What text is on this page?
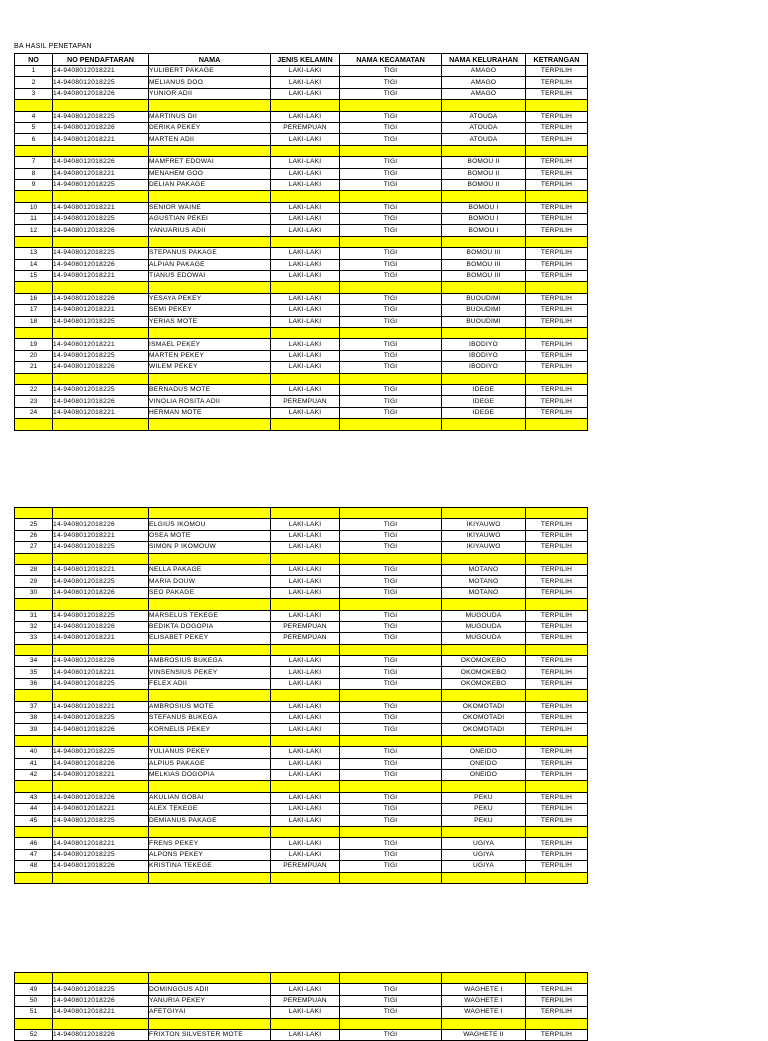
BA HASIL PENETAPAN
NO	NO PENDAFTARAN	NAMA	JENIS KELAMIN	NAMA KECAMATAN	NAMA KELURAHAN	KETRANGAN
1	14-9408012018221	YULIBERT PAKAGE	LAKI-LAKI	TIGI	AMAGO	TERPILIH
2	14-9408012018225	MELIANUS DOO	LAKI-LAKI	TIGI	AMAGO	TERPILIH
3	14-9408012018226	YUNIOR ADII	LAKI-LAKI	TIGI	AMAGO	TERPILIH

4	14-9408012018225	MARTINUS DII	LAKI-LAKI	TIGI	ATOUDA	TERPILIH
5	14-9408012018226	DERIKA PEKEY	PEREMPUAN	TIGI	ATOUDA	TERPILIH
6	14-9408012018221	MARTEN ADII	LAKI-LAKI	TIGI	ATOUDA	TERPILIH

7	14-9408012018226	MAMFRET EDOWAI	LAKI-LAKI	TIGI	BOMOU II	TERPILIH
8	14-9408012018221	MENAHEM GOO	LAKI-LAKI	TIGI	BOMOU II	TERPILIH
9	14-9408012018225	DELIAN PAKAGE	LAKI-LAKI	TIGI	BOMOU II	TERPILIH

10	14-9408012018221	SENIOR WAINE	LAKI-LAKI	TIGI	BOMOU I	TERPILIH
11	14-9408012018225	AGUSTIAN PEKEI	LAKI-LAKI	TIGI	BOMOU I	TERPILIH
12	14-9408012018226	YANUARIUS ADII	LAKI-LAKI	TIGI	BOMOU I	TERPILIH

13	14-9408012018225	STEPANUS PAKAGE	LAKI-LAKI	TIGI	BOMOU III	TERPILIH
14	14-9408012018226	ALPIAN PAKAGE	LAKI-LAKI	TIGI	BOMOU III	TERPILIH
15	14-9408012018221	TIANUS EDOWAI	LAKI-LAKI	TIGI	BOMOU III	TERPILIH

16	14-9408012018226	YESAYA PEKEY	LAKI-LAKI	TIGI	BUOUDIMI	TERPILIH
17	14-9408012018221	SEMI PEKEY	LAKI-LAKI	TIGI	BUOUDIMI	TERPILIH
18	14-9408012018225	YERIAS MOTE	LAKI-LAKI	TIGI	BUOUDIMI	TERPILIH

19	14-9408012018221	ISMAEL PEKEY	LAKI-LAKI	TIGI	IBODIYO	TERPILIH
20	14-9408012018225	MARTEN PEKEY	LAKI-LAKI	TIGI	IBODIYO	TERPILIH
21	14-9408012018226	WILEM PEKEY	LAKI-LAKI	TIGI	IBODIYO	TERPILIH

22	14-9408012018225	BERNADUS MOTE	LAKI-LAKI	TIGI	IDEGE	TERPILIH
23	14-9408012018226	VINOLIA ROSITA ADII	PEREMPUAN	TIGI	IDEGE	TERPILIH
24	14-9408012018221	HERMAN MOTE	LAKI-LAKI	TIGI	IDEGE	TERPILIH

25	14-9408012018226	ELGIUS IKOMOU	LAKI-LAKI	TIGI	IKIYAUWO	TERPILIH
26	14-9408012018221	OSEA MOTE	LAKI-LAKI	TIGI	IKIYAUWO	TERPILIH
27	14-9408012018225	SIMON P IKOMOUW	LAKI-LAKI	TIGI	IKIYAUWO	TERPILIH

28	14-9408012018221	NELLA PAKAGE	LAKI-LAKI	TIGI	MOTANO	TERPILIH
29	14-9408012018225	MARIA DOUW	LAKI-LAKI	TIGI	MOTANO	TERPILIH
30	14-9408012018226	SEO PAKAGE	LAKI-LAKI	TIGI	MOTANO	TERPILIH

31	14-9408012018225	MARSELUS TEKEGE	LAKI-LAKI	TIGI	MUGOUDA	TERPILIH
32	14-9408012018226	BEDIKTA DOGOPIA	PEREMPUAN	TIGI	MUGOUDA	TERPILIH
33	14-9408012018221	ELISABET PEKEY	PEREMPUAN	TIGI	MUGOUDA	TERPILIH

34	14-9408012018226	AMBROSIUS BUKEGA	LAKI-LAKI	TIGI	OKOMOKEBO	TERPILIH
35	14-9408012018221	VINSENSIUS PEKEY	LAKI-LAKI	TIGI	OKOMOKEBO	TERPILIH
36	14-9408012018225	FELEX ADII	LAKI-LAKI	TIGI	OKOMOKEBO	TERPILIH

37	14-9408012018221	AMBROSIUS MOTE	LAKI-LAKI	TIGI	OKOMOTADI	TERPILIH
38	14-9408012018225	STEFANUS BUKEGA	LAKI-LAKI	TIGI	OKOMOTADI	TERPILIH
39	14-9408012018226	KORNELIS PEKEY	LAKI-LAKI	TIGI	OKOMOTADI	TERPILIH

40	14-9408012018225	YULIANUS PEKEY	LAKI-LAKI	TIGI	ONEIDO	TERPILIH
41	14-9408012018226	ALPIUS PAKAGE	LAKI-LAKI	TIGI	ONEIDO	TERPILIH
42	14-9408012018221	MELKIAS DOGOPIA	LAKI-LAKI	TIGI	ONEIDO	TERPILIH

43	14-9408012018226	AKULIAN GOBAI	LAKI-LAKI	TIGI	PEKU	TERPILIH
44	14-9408012018221	ALEX TEKEGE	LAKI-LAKI	TIGI	PEKU	TERPILIH
45	14-9408012018225	DEMIANUS PAKAGE	LAKI-LAKI	TIGI	PEKU	TERPILIH

46	14-9408012018221	FRENS PEKEY	LAKI-LAKI	TIGI	UGIYA	TERPILIH
47	14-9408012018225	ALPONS PEKEY	LAKI-LAKI	TIGI	UGIYA	TERPILIH
48	14-9408012018226	KRISTINA TEKEGE	PEREMPUAN	TIGI	UGIYA	TERPILIH

49	14-9408012018225	DOMINGGUS ADII	LAKI-LAKI	TIGI	WAGHETE I	TERPILIH
50	14-9408012018226	YANURIA PEKEY	PEREMPUAN	TIGI	WAGHETE I	TERPILIH
51	14-9408012018221	AFETGIYAI	LAKI-LAKI	TIGI	WAGHETE I	TERPILIH

52	14-9408012018226	FRIXTON SILVESTER MOTE	LAKI-LAKI	TIGI	WAGHETE II	TERPILIH
